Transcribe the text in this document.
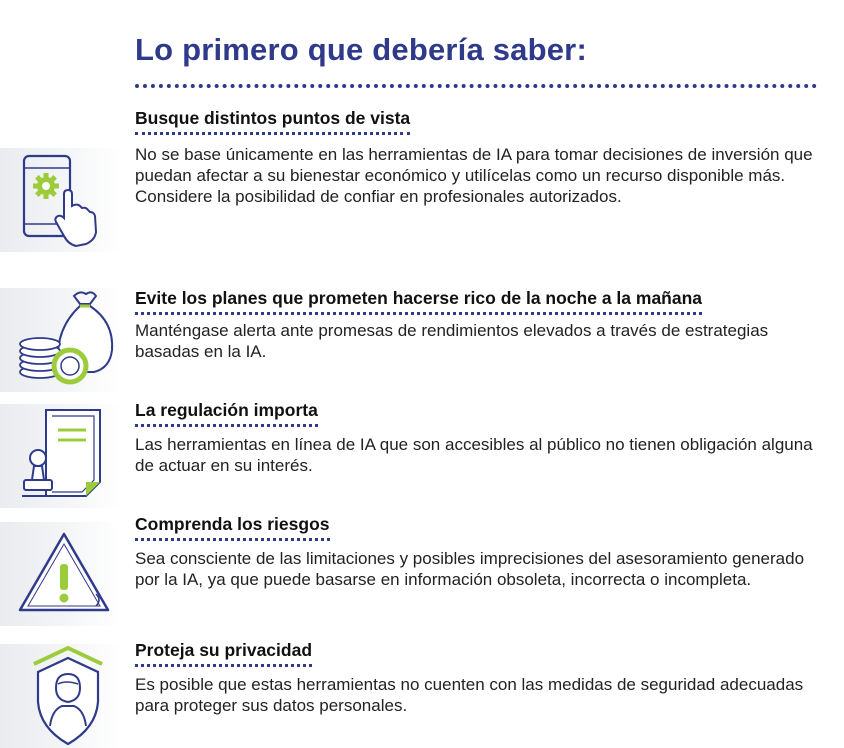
Lo primero que debería saber:
Busque distintos puntos de vista

No se base únicamente en las herramientas de IA para tomar decisiones de inversión que puedan afectar a su bienestar económico y utilícelas como un recurso disponible más. Considere la posibilidad de confiar en profesionales autorizados.

Evite los planes que prometen hacerse rico de la noche a la mañana

Manténgase alerta ante promesas de rendimientos elevados a través de estrategias basadas en la IA.

La regulación importa

Las herramientas en línea de IA que son accesibles al público no tienen obligación alguna de actuar en su interés.

Comprenda los riesgos

Sea consciente de las limitaciones y posibles imprecisiones del asesoramiento generado por la IA, ya que puede basarse en información obsoleta, incorrecta o incompleta.

Proteja su privacidad

Es posible que estas herramientas no cuenten con las medidas de seguridad adecuadas para proteger sus datos personales.
